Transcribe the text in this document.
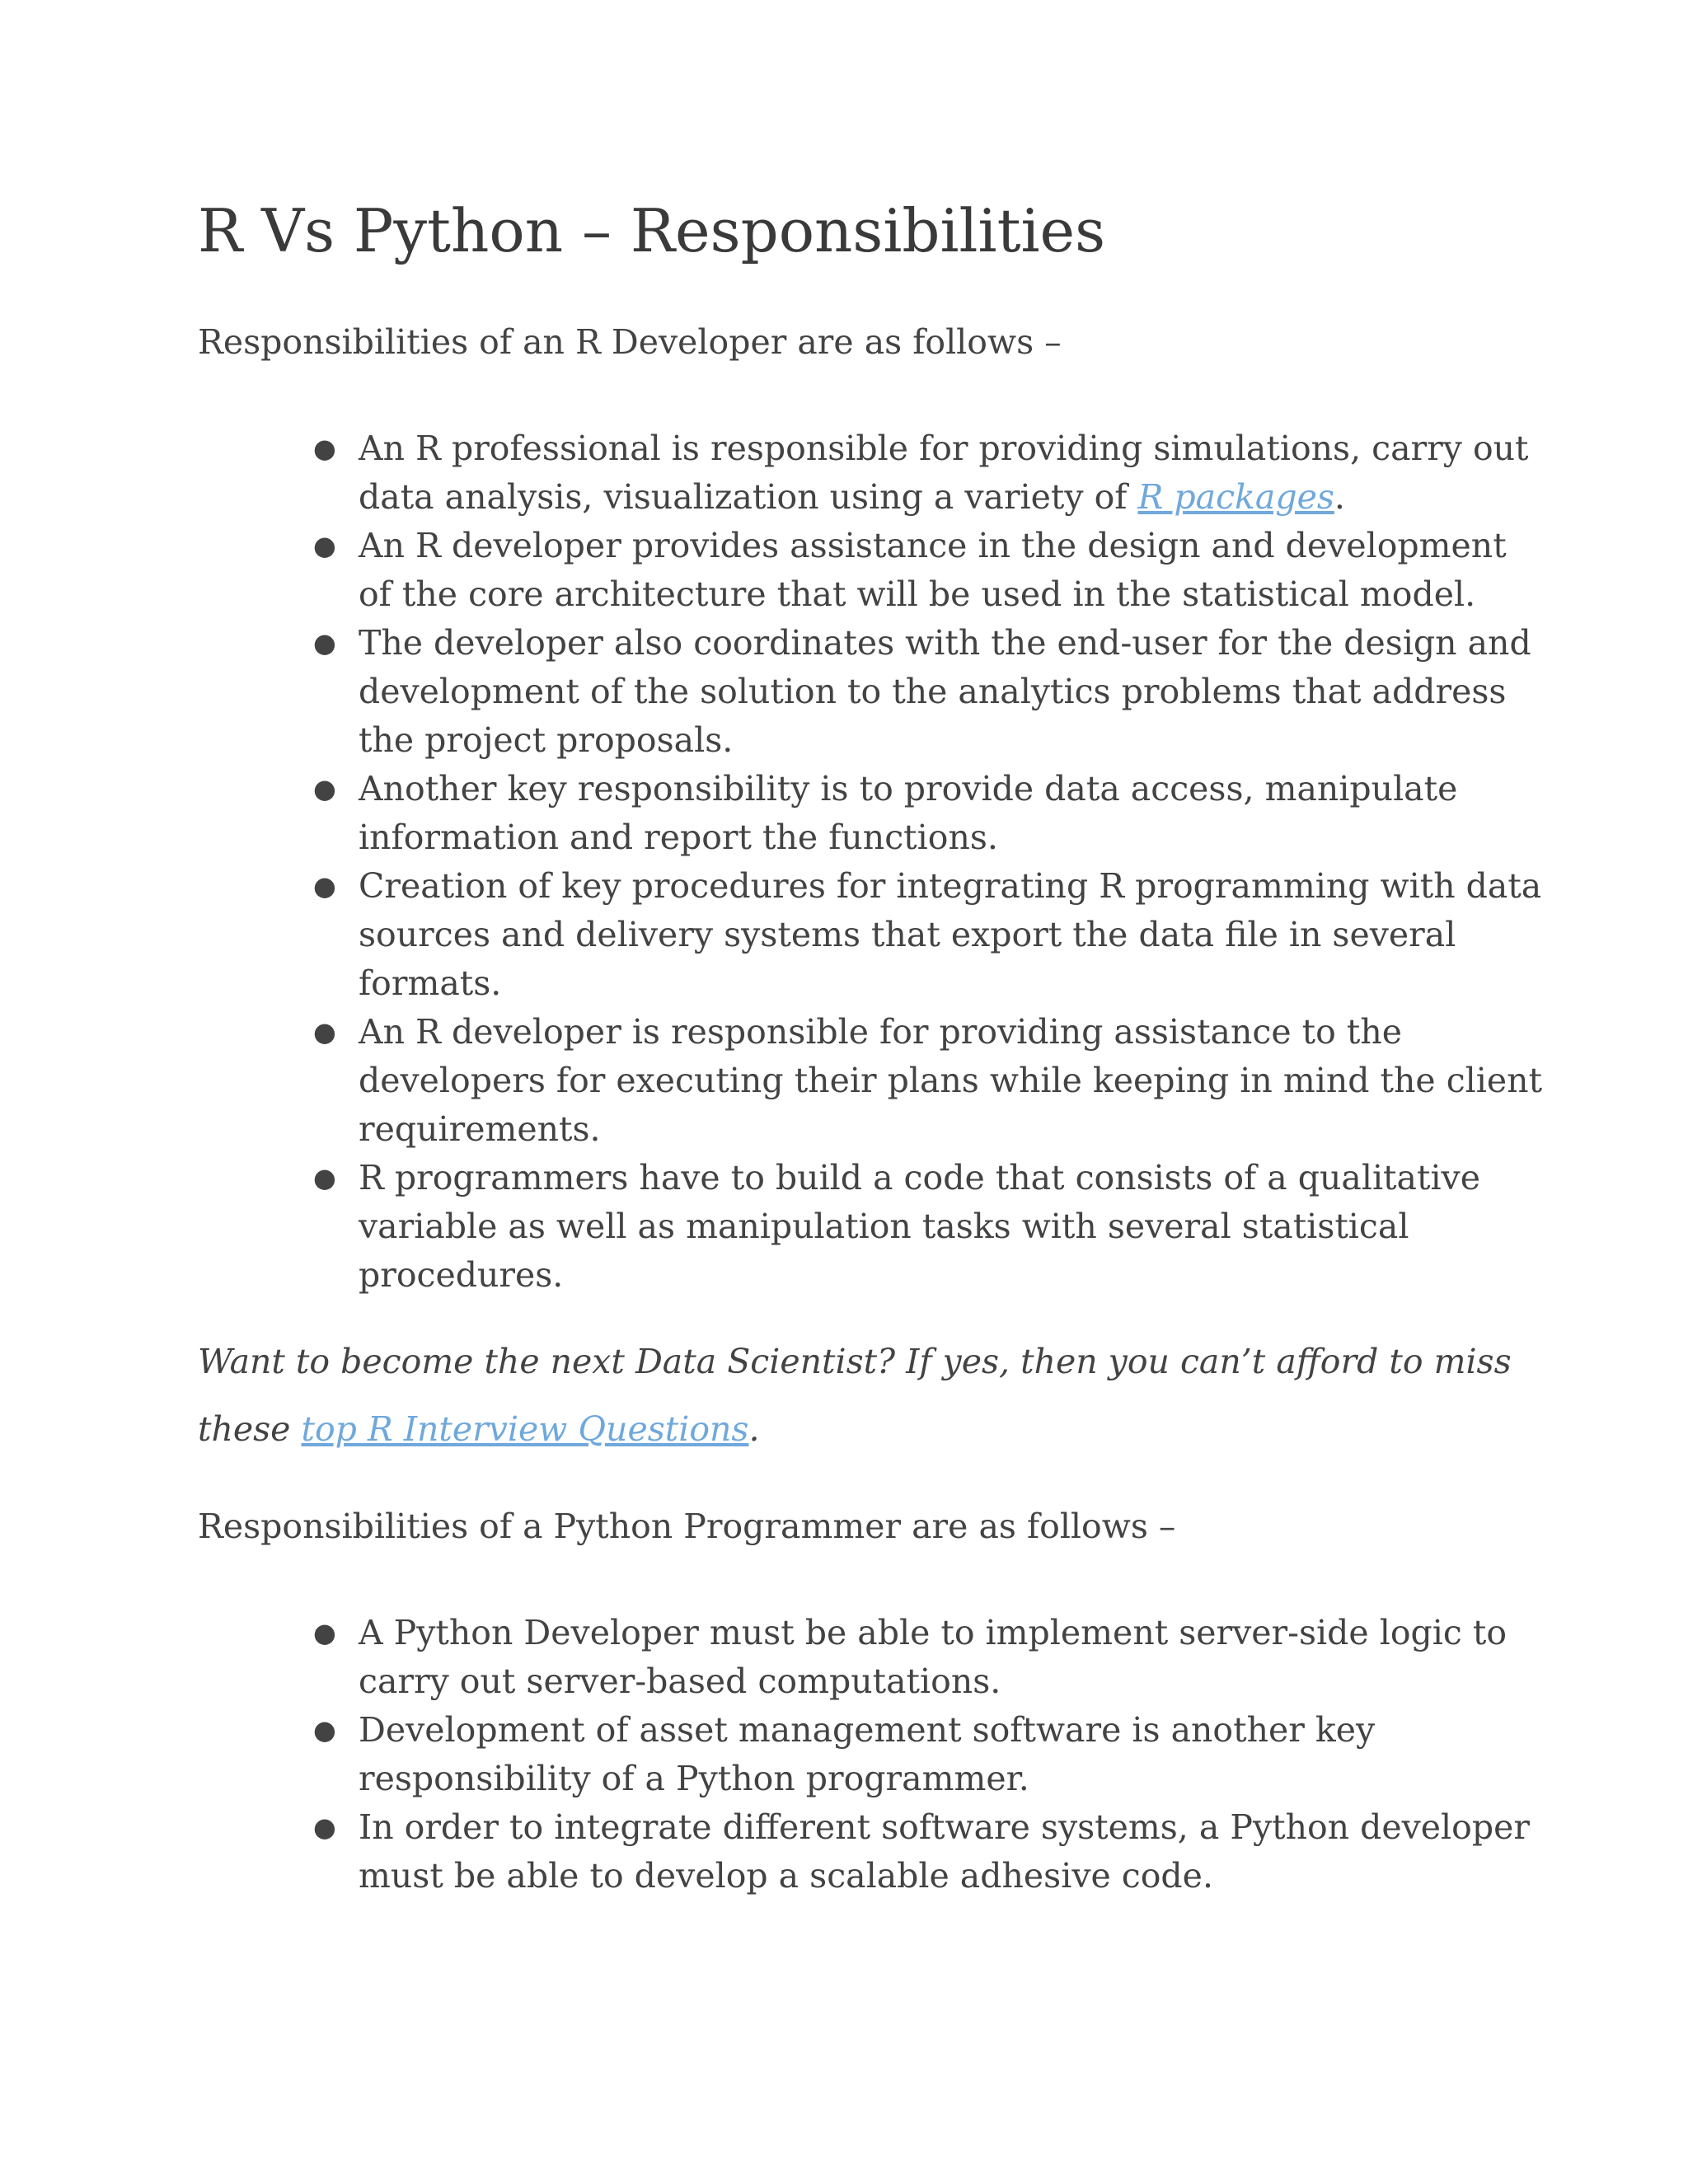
R Vs Python – Responsibilities

Responsibilities of an R Developer are as follows –

● An R professional is responsible for providing simulations, carry out
data analysis, visualization using a variety of R packages.
● An R developer provides assistance in the design and development
of the core architecture that will be used in the statistical model.
● The developer also coordinates with the end-user for the design and
development of the solution to the analytics problems that address
the project proposals.
● Another key responsibility is to provide data access, manipulate
information and report the functions.
● Creation of key procedures for integrating R programming with data
sources and delivery systems that export the data file in several
formats.
● An R developer is responsible for providing assistance to the
developers for executing their plans while keeping in mind the client
requirements.
● R programmers have to build a code that consists of a qualitative
variable as well as manipulation tasks with several statistical
procedures.
Want to become the next Data Scientist? If yes, then you can’t afford to miss
these top R Interview Questions.

Responsibilities of a Python Programmer are as follows –

● A Python Developer must be able to implement server-side logic to
carry out server-based computations.
● Development of asset management software is another key
responsibility of a Python programmer.
● In order to integrate different software systems, a Python developer
must be able to develop a scalable adhesive code.
